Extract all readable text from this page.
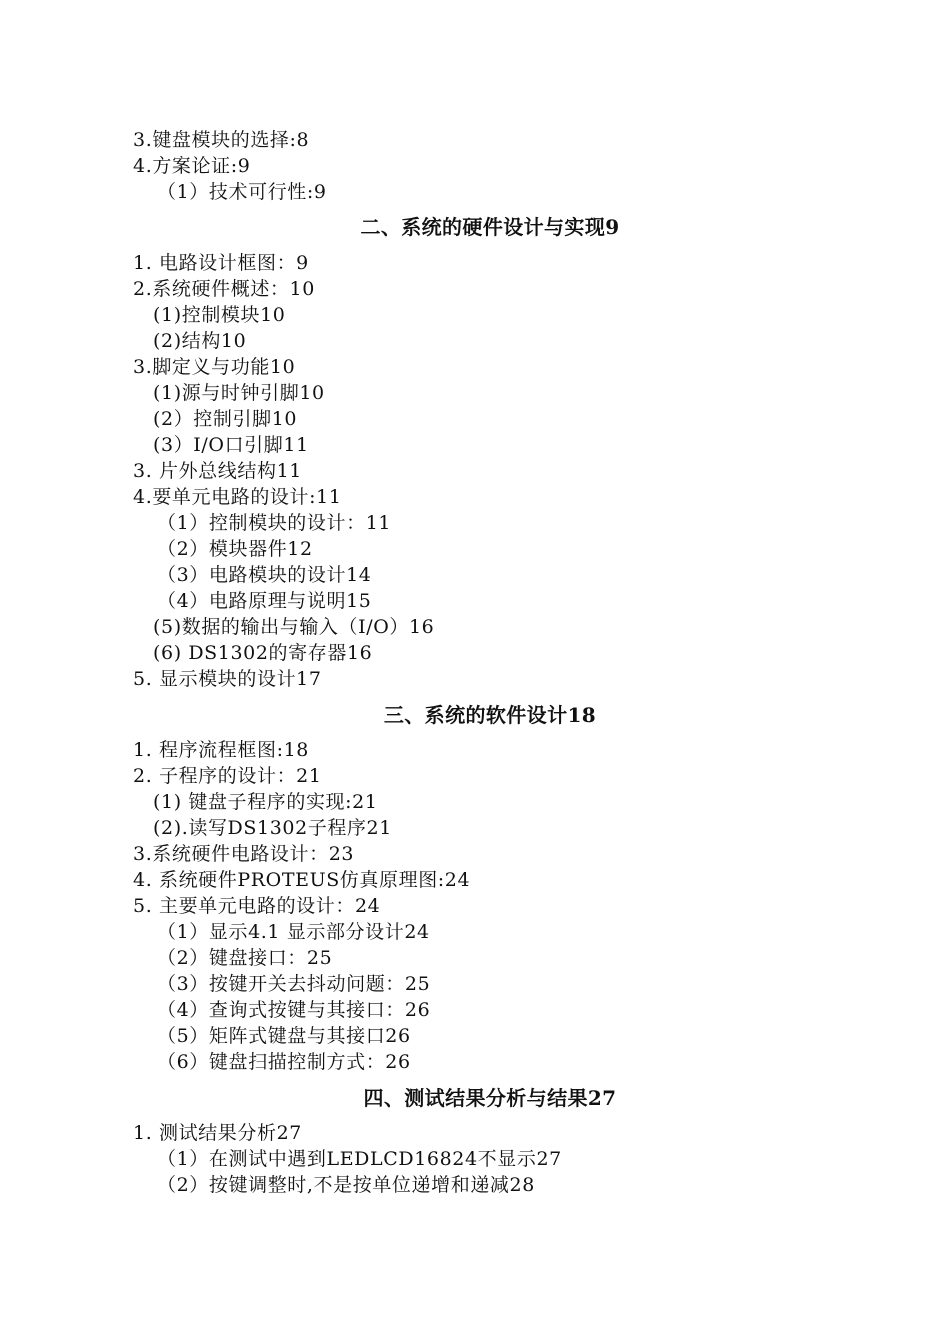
3.键盘模块的选择:8
4.方案论证:9
（1）技术可行性:9
二、系统的硬件设计与实现9
1. 电路设计框图：9
2.系统硬件概述：10
(1)控制模块10
(2)结构10
3.脚定义与功能10
(1)源与时钟引脚10
(2）控制引脚10
(3）I/O口引脚11
3. 片外总线结构11
4.要单元电路的设计:11
（1）控制模块的设计：11
（2）模块器件12
（3）电路模块的设计14
（4）电路原理与说明15
(5)数据的输出与输入（I/O）16
(6) DS1302的寄存器16
5. 显示模块的设计17
三、系统的软件设计18
1. 程序流程框图:18
2. 子程序的设计：21
(1) 键盘子程序的实现:21
(2).读写DS1302子程序21
3.系统硬件电路设计：23
4. 系统硬件PROTEUS仿真原理图:24
5. 主要单元电路的设计：24
（1）显示4.1 显示部分设计24
（2）键盘接口：25
（3）按键开关去抖动问题：25
（4）查询式按键与其接口：26
（5）矩阵式键盘与其接口26
（6）键盘扫描控制方式：26
四、测试结果分析与结果27
1. 测试结果分析27
（1）在测试中遇到LEDLCD16824不显示27
（2）按键调整时,不是按单位递增和递减28
